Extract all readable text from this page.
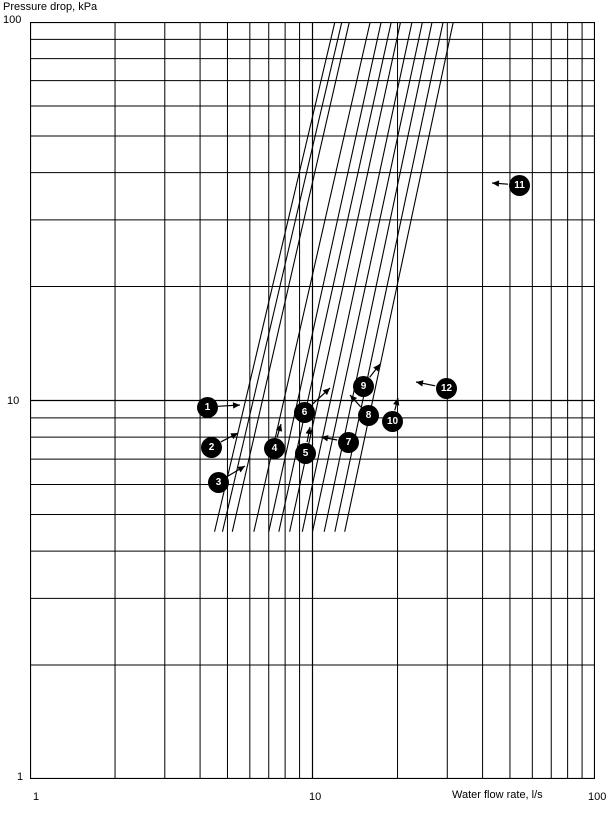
Pressure drop, kPa
Water flow rate, l/s
100
10
1
1	10	100
1
2
3
4	5
6
7
8
9
10
11
12
